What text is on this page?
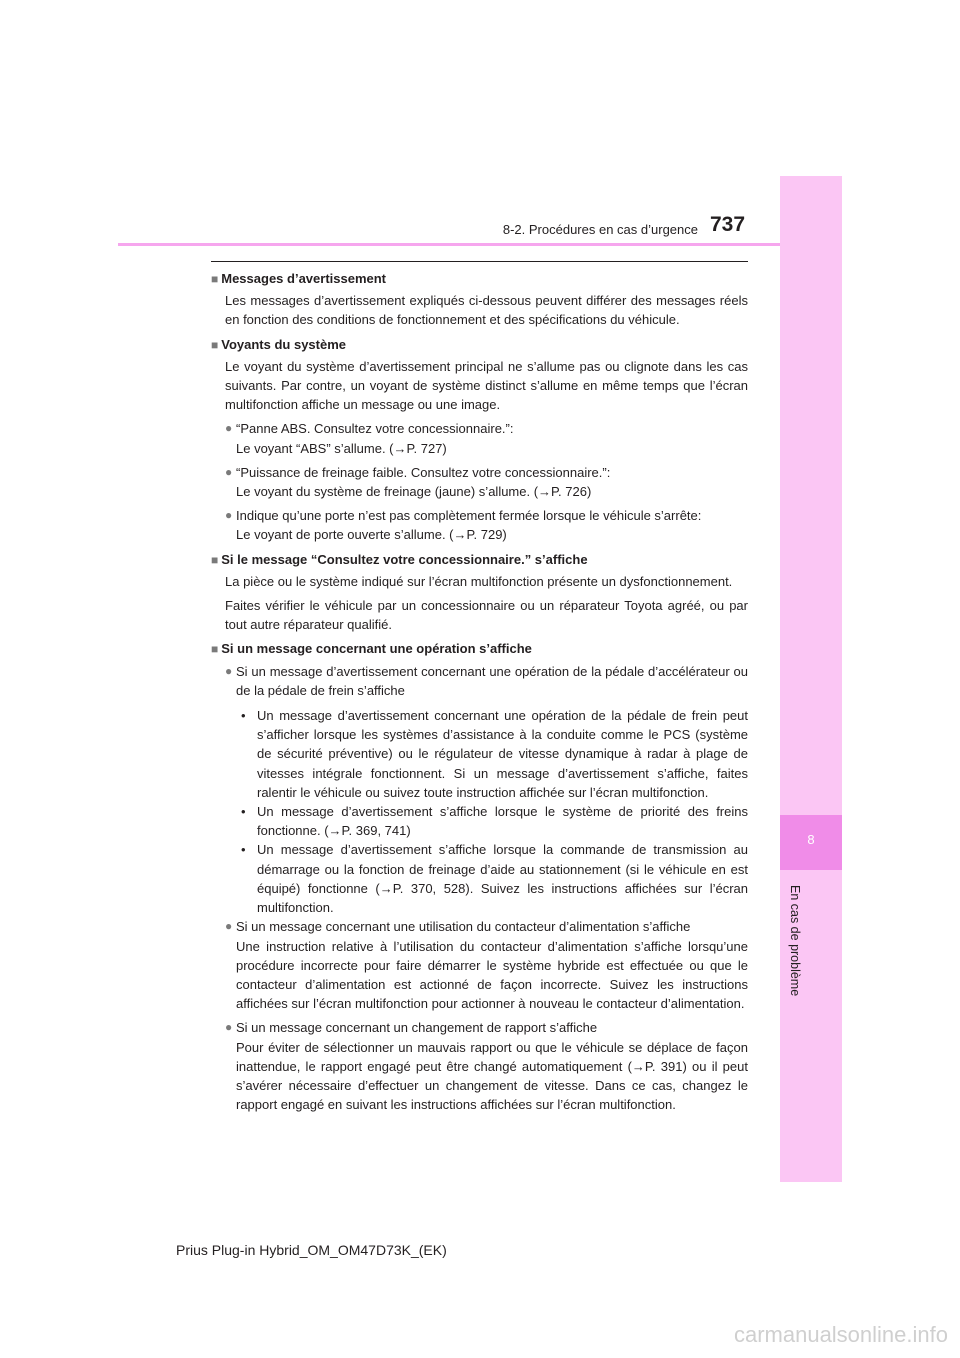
8
En cas de problème
8-2. Procédures en cas d’urgence 737
■ Messages d’avertissement
Les messages d’avertissement expliqués ci-dessous peuvent différer des messages réels en fonction des conditions de fonctionnement et des spécifications du véhicule.
■ Voyants du système
Le voyant du système d’avertissement principal ne s’allume pas ou clignote dans les cas suivants. Par contre, un voyant de système distinct s’allume en même temps que l’écran multifonction affiche un message ou une image.
● “Panne ABS. Consultez votre concessionnaire.”:
Le voyant “ABS” s’allume. (→P. 727)
● “Puissance de freinage faible. Consultez votre concessionnaire.”:
Le voyant du système de freinage (jaune) s’allume. (→P. 726)
● Indique qu’une porte n’est pas complètement fermée lorsque le véhicule s’arrête:
Le voyant de porte ouverte s’allume. (→P. 729)
■ Si le message “Consultez votre concessionnaire.” s’affiche
La pièce ou le système indiqué sur l’écran multifonction présente un dysfonctionnement.
Faites vérifier le véhicule par un concessionnaire ou un réparateur Toyota agréé, ou par tout autre réparateur qualifié.
■ Si un message concernant une opération s’affiche
● Si un message d’avertissement concernant une opération de la pédale d’accélérateur ou de la pédale de frein s’affiche
• Un message d’avertissement concernant une opération de la pédale de frein peut s’afficher lorsque les systèmes d’assistance à la conduite comme le PCS (système de sécurité préventive) ou le régulateur de vitesse dynamique à radar à plage de vitesses intégrale fonctionnent. Si un message d’avertissement s’affiche, faites ralentir le véhicule ou suivez toute instruction affichée sur l’écran multifonction.
• Un message d’avertissement s’affiche lorsque le système de priorité des freins fonctionne. (→P. 369, 741)
• Un message d’avertissement s’affiche lorsque la commande de transmission au démarrage ou la fonction de freinage d’aide au stationnement (si le véhicule en est équipé) fonctionne (→P. 370, 528). Suivez les instructions affichées sur l’écran multifonction.
● Si un message concernant une utilisation du contacteur d’alimentation s’affiche
Une instruction relative à l’utilisation du contacteur d’alimentation s’affiche lorsqu’une procédure incorrecte pour faire démarrer le système hybride est effectuée ou que le contacteur d’alimentation est actionné de façon incorrecte. Suivez les instructions affichées sur l’écran multifonction pour actionner à nouveau le contacteur d’alimentation.
● Si un message concernant un changement de rapport s’affiche
Pour éviter de sélectionner un mauvais rapport ou que le véhicule se déplace de façon inattendue, le rapport engagé peut être changé automatiquement (→P. 391) ou il peut s’avérer nécessaire d’effectuer un changement de vitesse. Dans ce cas, changez le rapport engagé en suivant les instructions affichées sur l’écran multifonction.
Prius Plug-in Hybrid_OM_OM47D73K_(EK)
carmanualsonline.info
